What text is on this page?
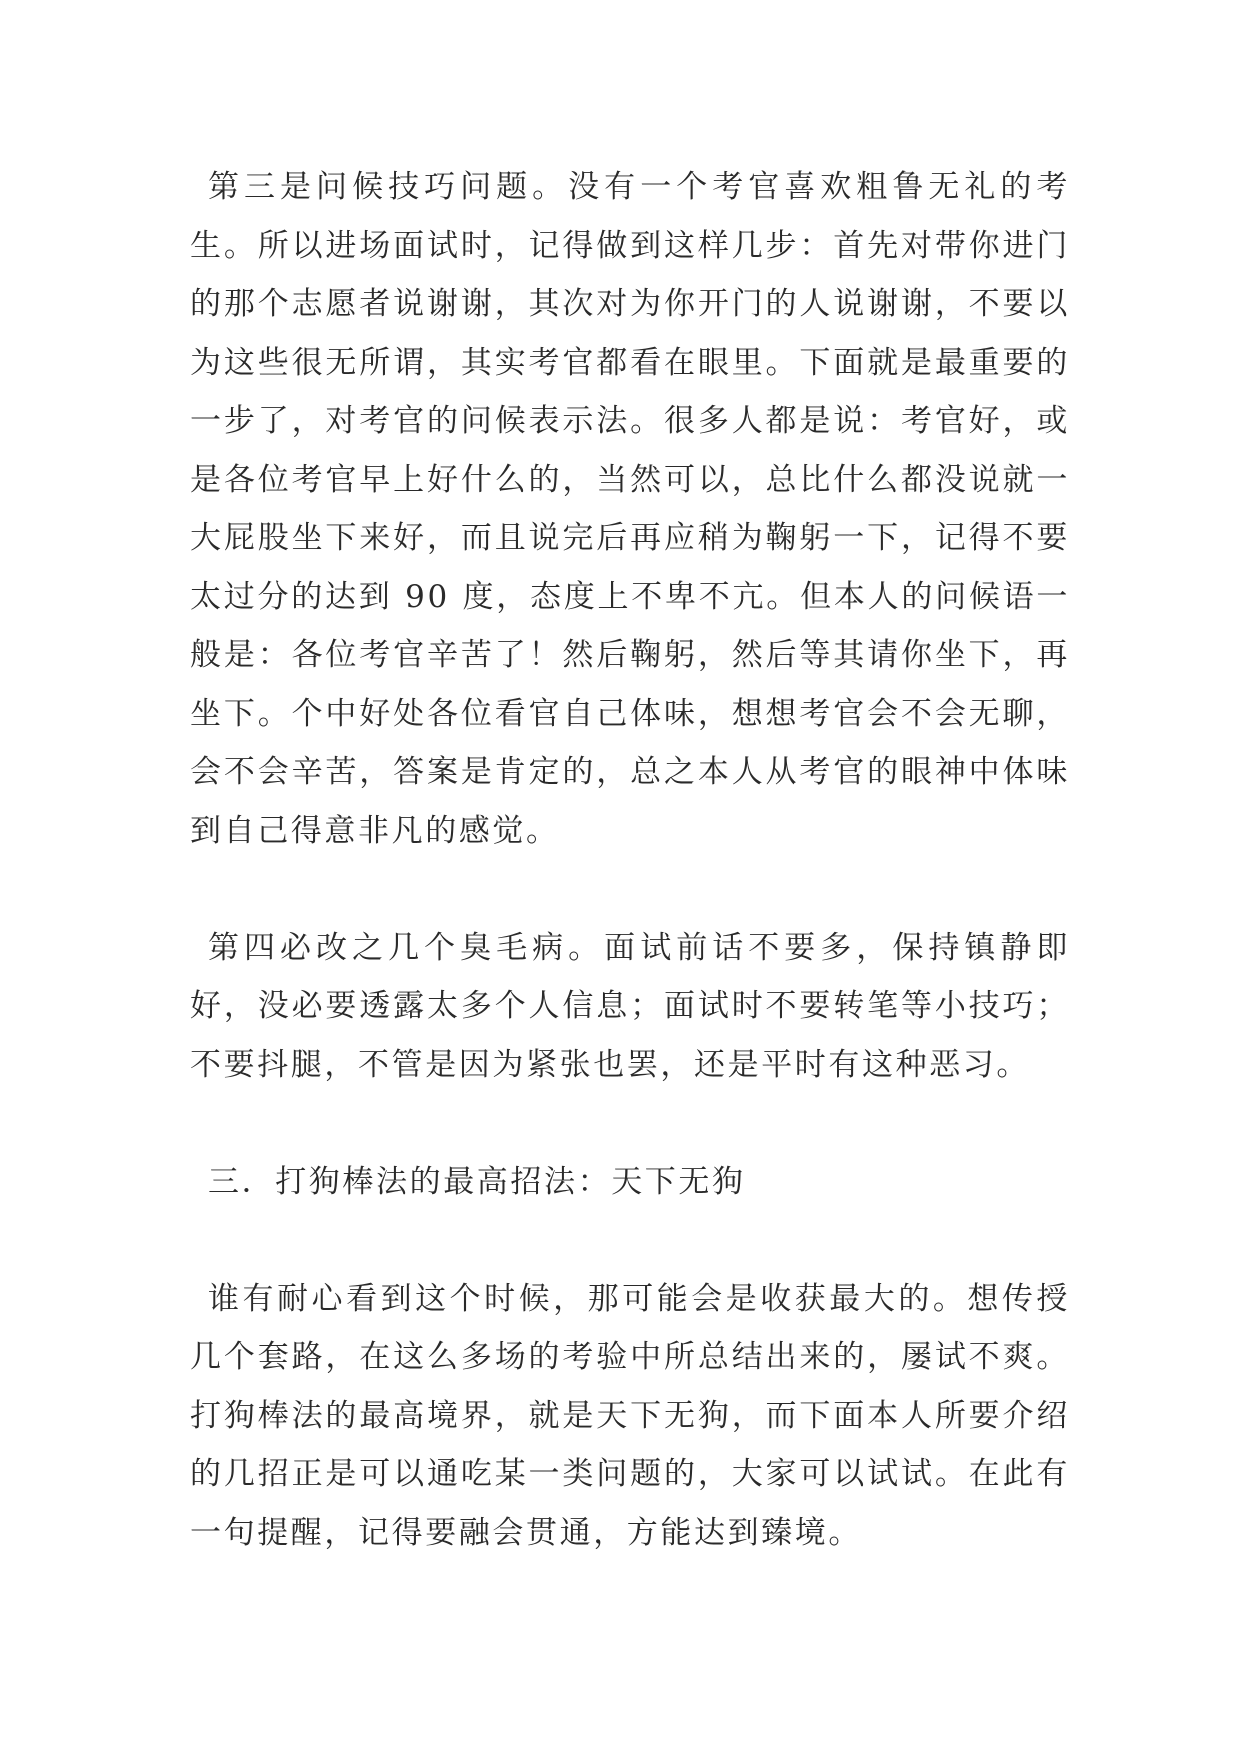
第三是问候技巧问题。没有一个考官喜欢粗鲁无礼的考生。所以进场面试时，记得做到这样几步：首先对带你进门的那个志愿者说谢谢，其次对为你开门的人说谢谢，不要以为这些很无所谓，其实考官都看在眼里。下面就是最重要的一步了，对考官的问候表示法。很多人都是说：考官好，或是各位考官早上好什么的，当然可以，总比什么都没说就一大屁股坐下来好，而且说完后再应稍为鞠躬一下，记得不要太过分的达到 90 度，态度上不卑不亢。但本人的问候语一般是：各位考官辛苦了！然后鞠躬，然后等其请你坐下，再坐下。个中好处各位看官自己体味，想想考官会不会无聊，会不会辛苦，答案是肯定的，总之本人从考官的眼神中体味到自己得意非凡的感觉。

第四必改之几个臭毛病。面试前话不要多，保持镇静即好，没必要透露太多个人信息；面试时不要转笔等小技巧；不要抖腿，不管是因为紧张也罢，还是平时有这种恶习。

三．打狗棒法的最高招法：天下无狗

谁有耐心看到这个时候，那可能会是收获最大的。想传授几个套路，在这么多场的考验中所总结出来的，屡试不爽。打狗棒法的最高境界，就是天下无狗，而下面本人所要介绍的几招正是可以通吃某一类问题的，大家可以试试。在此有一句提醒，记得要融会贯通，方能达到臻境。
